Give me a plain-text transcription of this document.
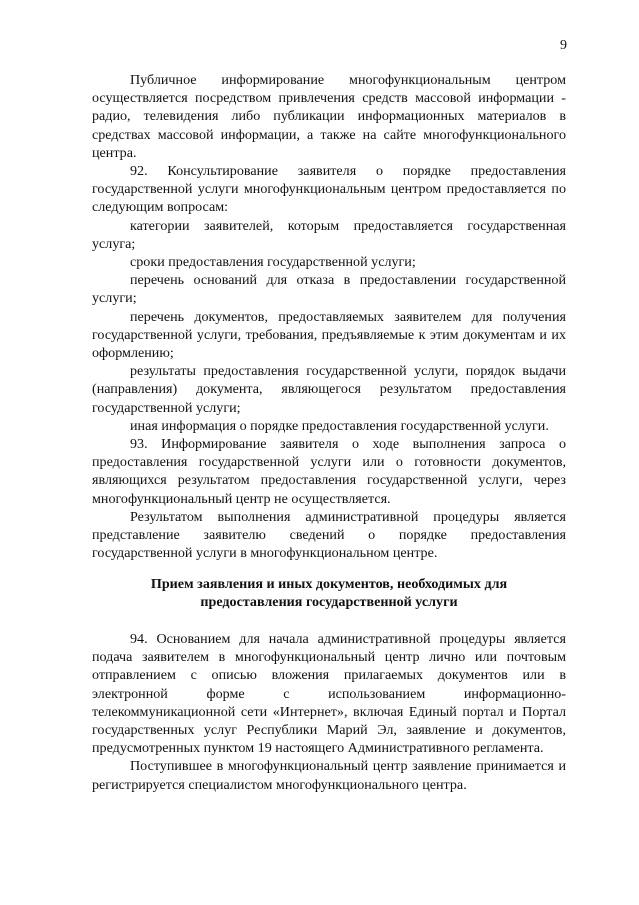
9

Публичное информирование многофункциональным центром осуществляется посредством привлечения средств массовой информации - радио, телевидения либо публикации информационных материалов в средствах массовой информации, а также на сайте многофункционального центра.

92. Консультирование заявителя о порядке предоставления государственной услуги многофункциональным центром предоставляется по следующим вопросам:

категории заявителей, которым предоставляется государственная услуга;

сроки предоставления государственной услуги;

перечень оснований для отказа в предоставлении государственной услуги;

перечень документов, предоставляемых заявителем для получения государственной услуги, требования, предъявляемые к этим документам и их оформлению;

результаты предоставления государственной услуги, порядок выдачи (направления) документа, являющегося результатом предоставления государственной услуги;

иная информация о порядке предоставления государственной услуги.

93. Информирование заявителя о ходе выполнения запроса о предоставления государственной услуги или о готовности документов, являющихся результатом предоставления государственной услуги, через многофункциональный центр не осуществляется.

Результатом выполнения административной процедуры является представление заявителю сведений о порядке предоставления государственной услуги в многофункциональном центре.

Прием заявления и иных документов, необходимых для
предоставления государственной услуги

94. Основанием для начала административной процедуры является подача заявителем в многофункциональный центр лично или почтовым отправлением с описью вложения прилагаемых документов или в электронной форме с использованием информационно-телекоммуникационной сети «Интернет», включая Единый портал и Портал государственных услуг Республики Марий Эл, заявление и документов, предусмотренных пунктом 19 настоящего Административного регламента.

Поступившее в многофункциональный центр заявление принимается и регистрируется специалистом многофункционального центра.
